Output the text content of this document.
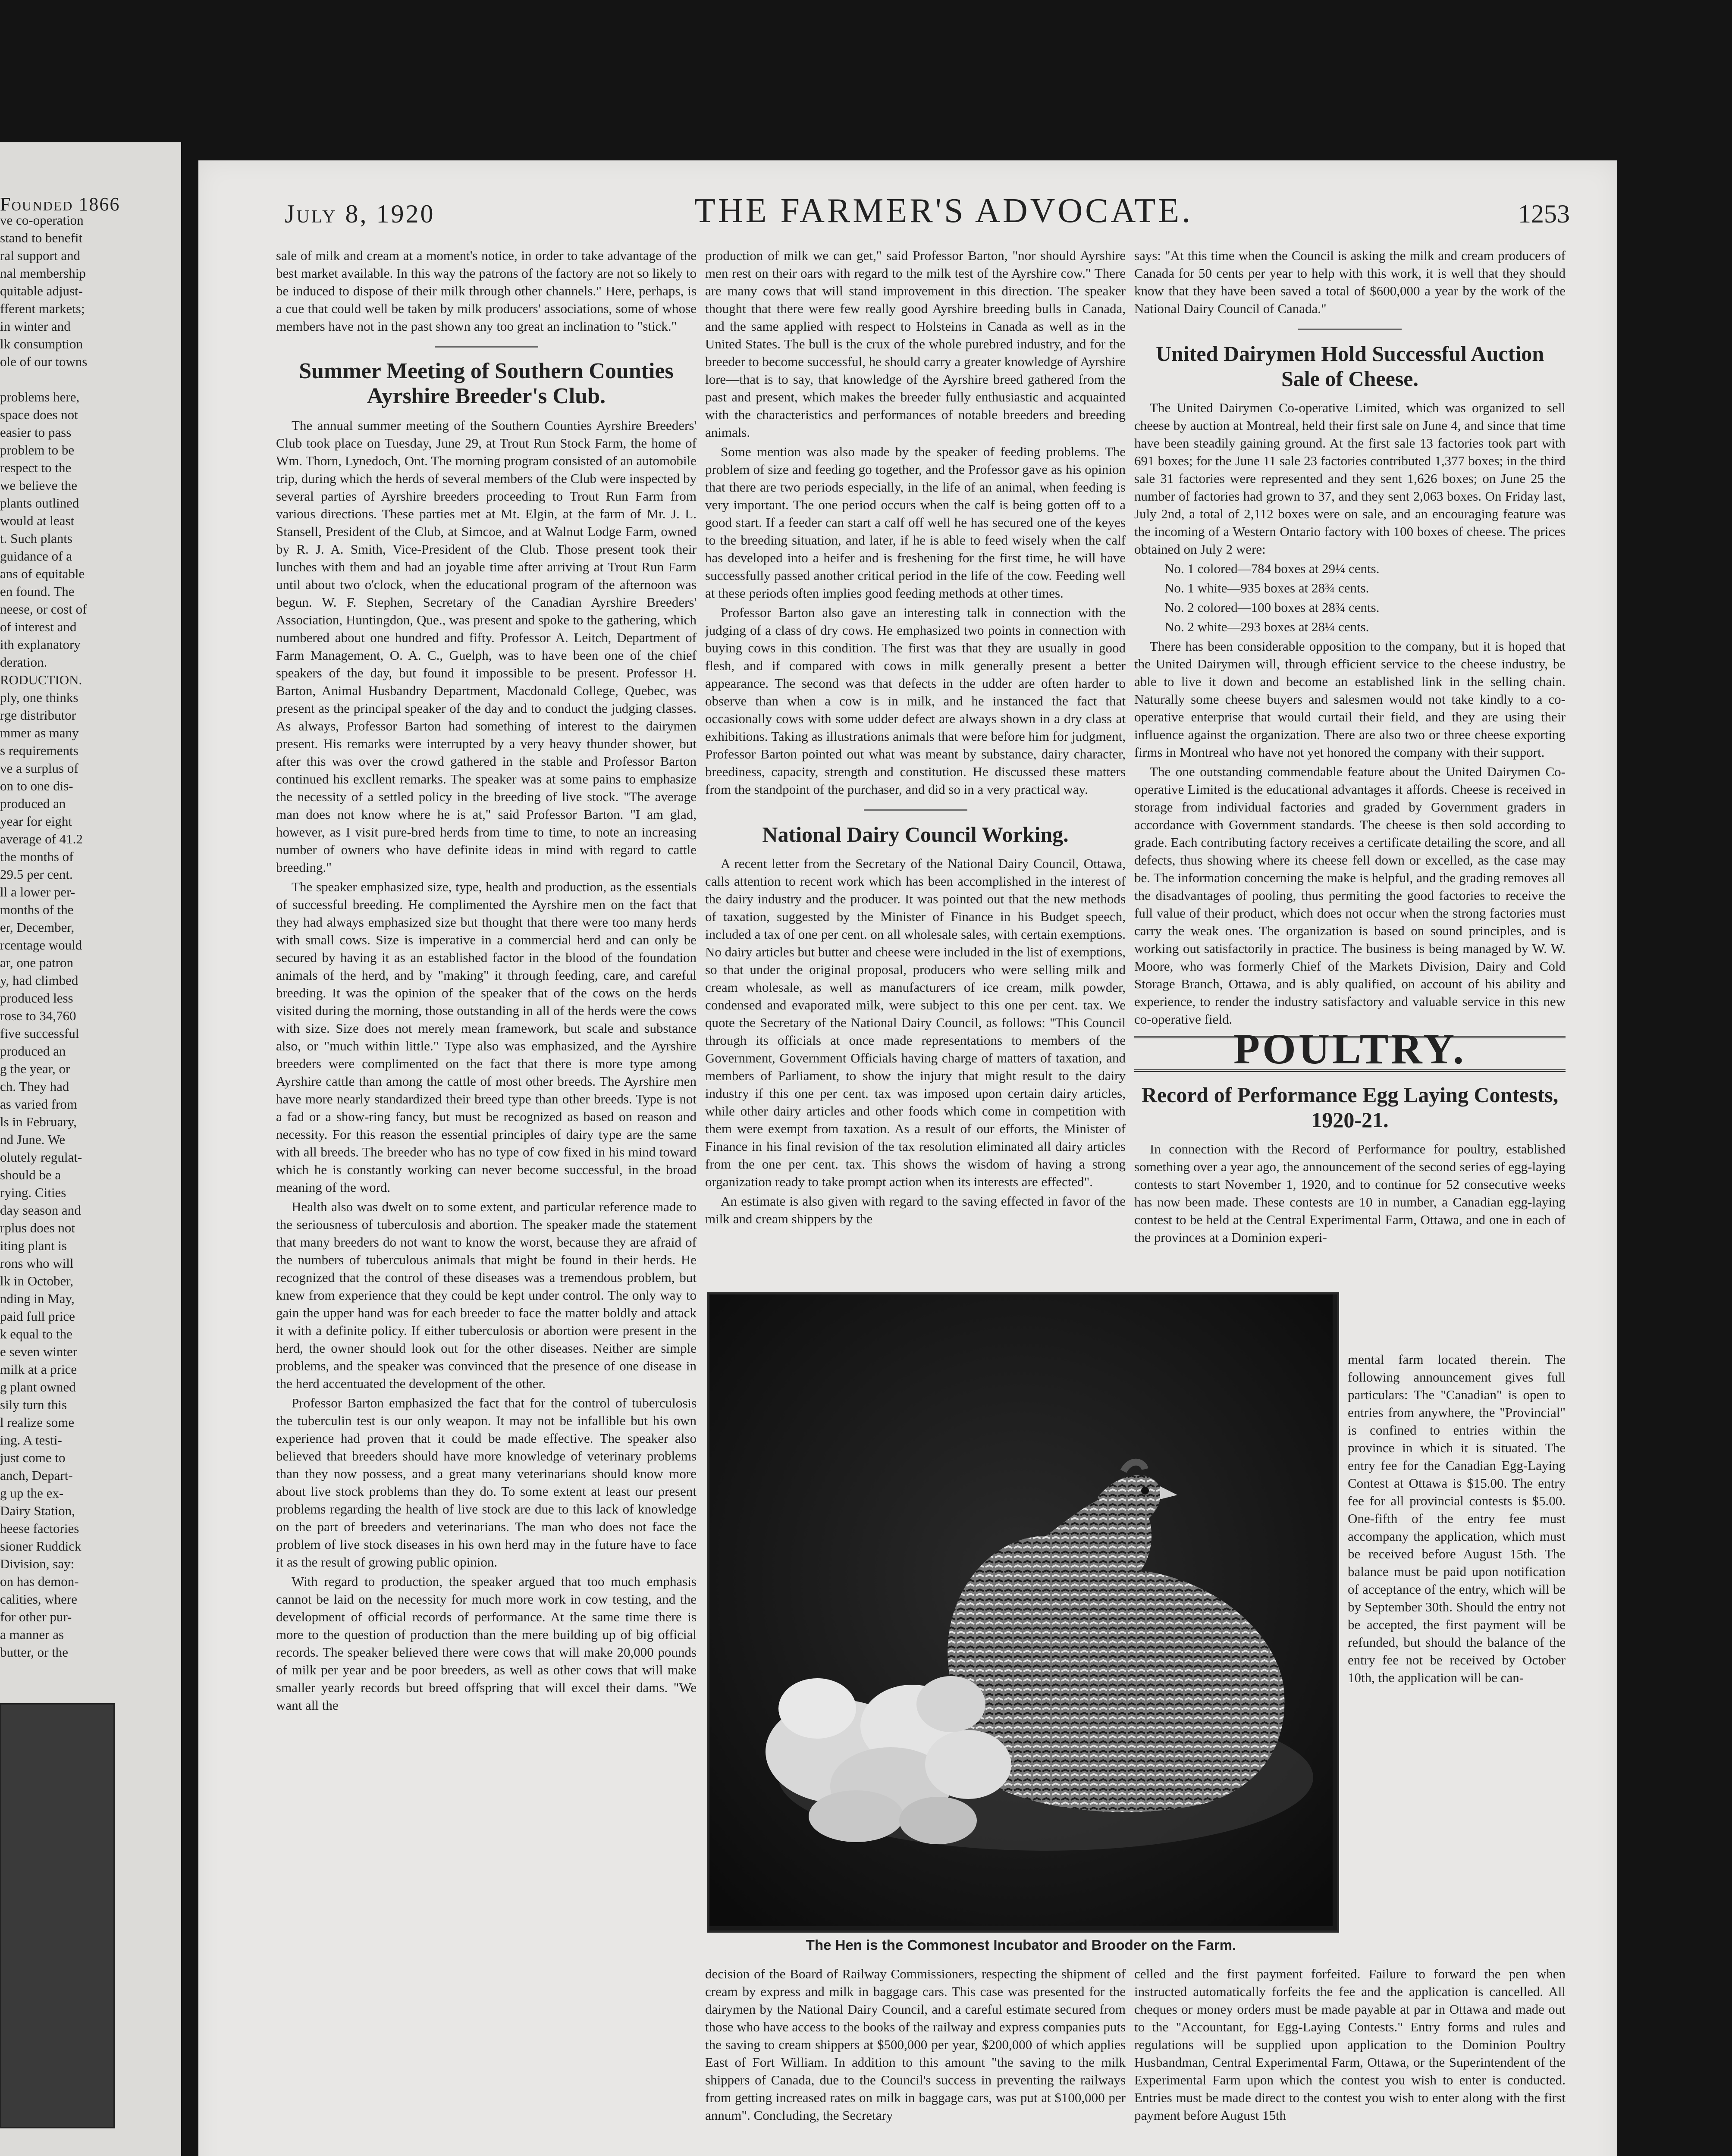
Founded 1866
ve co-operation
stand to benefit
ral support and
nal membership
quitable adjust-
fferent markets;
in winter and
lk consumption
ole of our towns

problems here,
space does not
easier to pass
problem to be
respect to the
we believe the
plants outlined
would at least
t. Such plants
guidance of a
ans of equitable
en found. The
neese, or cost of
of interest and
ith explanatory
deration.
RODUCTION.
ply, one thinks
rge distributor
mmer as many
s requirements
ve a surplus of
on to one dis-
produced an
year for eight
average of 41.2
the months of
29.5 per cent.
ll a lower per-
months of the
er, December,
rcentage would
ar, one patron
y, had climbed
produced less
rose to 34,760
five successful
produced an
g the year, or
ch. They had
as varied from
ls in February,
nd June. We
olutely regulat-
should be a
rying. Cities
day season and
rplus does not
iting plant is
rons who will
lk in October,
nding in May,
paid full price
k equal to the
e seven winter
milk at a price
g plant owned
sily turn this
l realize some
ing. A testi-
just come to
anch, Depart-
g up the ex-
Dairy Station,
heese factories
sioner Ruddick
Division, say:
on has demon-
calities, where
for other pur-
a manner as
butter, or the
July 8, 1920	THE FARMER'S ADVOCATE.	1253

sale of milk and cream at a moment's notice, in order to take advantage of the best market available. In this way the patrons of the factory are not so likely to be induced to dispose of their milk through other channels." Here, perhaps, is a cue that could well be taken by milk producers' associations, some of whose members have not in the past shown any too great an inclination to "stick."

Summer Meeting of Southern Counties Ayrshire Breeder's Club.

The annual summer meeting of the Southern Counties Ayrshire Breeders' Club took place on Tuesday, June 29, at Trout Run Stock Farm, the home of Wm. Thorn, Lynedoch, Ont. The morning program consisted of an automobile trip, during which the herds of several members of the Club were inspected by several parties of Ayrshire breeders proceeding to Trout Run Farm from various directions. These parties met at Mt. Elgin, at the farm of Mr. J. L. Stansell, President of the Club, at Simcoe, and at Walnut Lodge Farm, owned by R. J. A. Smith, Vice-President of the Club. Those present took their lunches with them and had an joyable time after arriving at Trout Run Farm until about two o'clock, when the educational program of the afternoon was begun. W. F. Stephen, Secretary of the Canadian Ayrshire Breeders' Association, Huntingdon, Que., was present and spoke to the gathering, which numbered about one hundred and fifty. Professor A. Leitch, Department of Farm Management, O. A. C., Guelph, was to have been one of the chief speakers of the day, but found it impossible to be present. Professor H. Barton, Animal Husbandry Department, Macdonald College, Quebec, was present as the principal speaker of the day and to conduct the judging classes. As always, Professor Barton had something of interest to the dairymen present. His remarks were interrupted by a very heavy thunder shower, but after this was over the crowd gathered in the stable and Professor Barton continued his excllent remarks. The speaker was at some pains to emphasize the necessity of a settled policy in the breeding of live stock. "The average man does not know where he is at," said Professor Barton. "I am glad, however, as I visit pure-bred herds from time to time, to note an increasing number of owners who have definite ideas in mind with regard to cattle breeding."

The speaker emphasized size, type, health and production, as the essentials of successful breeding. He complimented the Ayrshire men on the fact that they had always emphasized size but thought that there were too many herds with small cows. Size is imperative in a commercial herd and can only be secured by having it as an established factor in the blood of the foundation animals of the herd, and by "making" it through feeding, care, and careful breeding. It was the opinion of the speaker that of the cows on the herds visited during the morning, those outstanding in all of the herds were the cows with size. Size does not merely mean framework, but scale and substance also, or "much within little." Type also was emphasized, and the Ayrshire breeders were complimented on the fact that there is more type among Ayrshire cattle than among the cattle of most other breeds. The Ayrshire men have more nearly standardized their breed type than other breeds. Type is not a fad or a show-ring fancy, but must be recognized as based on reason and necessity. For this reason the essential principles of dairy type are the same with all breeds. The breeder who has no type of cow fixed in his mind toward which he is constantly working can never become successful, in the broad meaning of the word.

Health also was dwelt on to some extent, and particular reference made to the seriousness of tuberculosis and abortion. The speaker made the statement that many breeders do not want to know the worst, because they are afraid of the numbers of tuberculous animals that might be found in their herds. He recognized that the control of these diseases was a tremendous problem, but knew from experience that they could be kept under control. The only way to gain the upper hand was for each breeder to face the matter boldly and attack it with a definite policy. If either tuberculosis or abortion were present in the herd, the owner should look out for the other diseases. Neither are simple problems, and the speaker was convinced that the presence of one disease in the herd accentuated the development of the other.

Professor Barton emphasized the fact that for the control of tuberculosis the tuberculin test is our only weapon. It may not be infallible but his own experience had proven that it could be made effective. The speaker also believed that breeders should have more knowledge of veterinary problems than they now possess, and a great many veterinarians should know more about live stock problems than they do. To some extent at least our present problems regarding the health of live stock are due to this lack of knowledge on the part of breeders and veterinarians. The man who does not face the problem of live stock diseases in his own herd may in the future have to face it as the result of growing public opinion.

With regard to production, the speaker argued that too much emphasis cannot be laid on the necessity for much more work in cow testing, and the development of official records of performance. At the same time there is more to the question of production than the mere building up of big official records. The speaker believed there were cows that will make 20,000 pounds of milk per year and be poor breeders, as well as other cows that will make smaller yearly records but breed offspring that will excel their dams. "We want all the

production of milk we can get," said Professor Barton, "nor should Ayrshire men rest on their oars with regard to the milk test of the Ayrshire cow." There are many cows that will stand improvement in this direction. The speaker thought that there were few really good Ayrshire breeding bulls in Canada, and the same applied with respect to Holsteins in Canada as well as in the United States. The bull is the crux of the whole purebred industry, and for the breeder to become successful, he should carry a greater knowledge of Ayrshire lore—that is to say, that knowledge of the Ayrshire breed gathered from the past and present, which makes the breeder fully enthusiastic and acquainted with the characteristics and performances of notable breeders and breeding animals.

Some mention was also made by the speaker of feeding problems. The problem of size and feeding go together, and the Professor gave as his opinion that there are two periods especially, in the life of an animal, when feeding is very important. The one period occurs when the calf is being gotten off to a good start. If a feeder can start a calf off well he has secured one of the keyes to the breeding situation, and later, if he is able to feed wisely when the calf has developed into a heifer and is freshening for the first time, he will have successfully passed another critical period in the life of the cow. Feeding well at these periods often implies good feeding methods at other times.

Professor Barton also gave an interesting talk in connection with the judging of a class of dry cows. He emphasized two points in connection with buying cows in this condition. The first was that they are usually in good flesh, and if compared with cows in milk generally present a better appearance. The second was that defects in the udder are often harder to observe than when a cow is in milk, and he instanced the fact that occasionally cows with some udder defect are always shown in a dry class at exhibitions. Taking as illustrations animals that were before him for judgment, Professor Barton pointed out what was meant by substance, dairy character, breediness, capacity, strength and constitution. He discussed these matters from the standpoint of the purchaser, and did so in a very practical way.

National Dairy Council Working.

A recent letter from the Secretary of the National Dairy Council, Ottawa, calls attention to recent work which has been accomplished in the interest of the dairy industry and the producer. It was pointed out that the new methods of taxation, suggested by the Minister of Finance in his Budget speech, included a tax of one per cent. on all wholesale sales, with certain exemptions. No dairy articles but butter and cheese were included in the list of exemptions, so that under the original proposal, producers who were selling milk and cream wholesale, as well as manufacturers of ice cream, milk powder, condensed and evaporated milk, were subject to this one per cent. tax. We quote the Secretary of the National Dairy Council, as follows: "This Council through its officials at once made representations to members of the Government, Government Officials having charge of matters of taxation, and members of Parliament, to show the injury that might result to the dairy industry if this one per cent. tax was imposed upon certain dairy articles, while other dairy articles and other foods which come in competition with them were exempt from taxation. As a result of our efforts, the Minister of Finance in his final revision of the tax resolution eliminated all dairy articles from the one per cent. tax. This shows the wisdom of having a strong organization ready to take prompt action when its interests are effected".

An estimate is also given with regard to the saving effected in favor of the milk and cream shippers by the

says: "At this time when the Council is asking the milk and cream producers of Canada for 50 cents per year to help with this work, it is well that they should know that they have been saved a total of $600,000 a year by the work of the National Dairy Council of Canada."

United Dairymen Hold Successful Auction Sale of Cheese.

The United Dairymen Co-operative Limited, which was organized to sell cheese by auction at Montreal, held their first sale on June 4, and since that time have been steadily gaining ground. At the first sale 13 factories took part with 691 boxes; for the June 11 sale 23 factories contributed 1,377 boxes; in the third sale 31 factories were represented and they sent 1,626 boxes; on June 25 the number of factories had grown to 37, and they sent 2,063 boxes. On Friday last, July 2nd, a total of 2,112 boxes were on sale, and an encouraging feature was the incoming of a Western Ontario factory with 100 boxes of cheese. The prices obtained on July 2 were:

No. 1 colored—784 boxes at 29¼ cents.
No. 1 white—935 boxes at 28¾ cents.
No. 2 colored—100 boxes at 28¾ cents.
No. 2 white—293 boxes at 28¼ cents.

There has been considerable opposition to the company, but it is hoped that the United Dairymen will, through efficient service to the cheese industry, be able to live it down and become an established link in the selling chain. Naturally some cheese buyers and salesmen would not take kindly to a co-operative enterprise that would curtail their field, and they are using their influence against the organization. There are also two or three cheese exporting firms in Montreal who have not yet honored the company with their support.

The one outstanding commendable feature about the United Dairymen Co-operative Limited is the educational advantages it affords. Cheese is received in storage from individual factories and graded by Government graders in accordance with Government standards. The cheese is then sold according to grade. Each contributing factory receives a certificate detailing the score, and all defects, thus showing where its cheese fell down or excelled, as the case may be. The information concerning the make is helpful, and the grading removes all the disadvantages of pooling, thus permiting the good factories to receive the full value of their product, which does not occur when the strong factories must carry the weak ones. The organization is based on sound principles, and is working out satisfactorily in practice. The business is being managed by W. W. Moore, who was formerly Chief of the Markets Division, Dairy and Cold Storage Branch, Ottawa, and is ably qualified, on account of his ability and experience, to render the industry satisfactory and valuable service in this new co-operative field.

POULTRY.
Record of Performance Egg Laying Contests, 1920-21.

In connection with the Record of Performance for poultry, established something over a year ago, the announcement of the second series of egg-laying contests to start November 1, 1920, and to continue for 52 consecutive weeks has now been made. These contests are 10 in number, a Canadian egg-laying contest to be held at the Central Experimental Farm, Ottawa, and one in each of the provinces at a Dominion experi-

mental farm located therein. The following announcement gives full particulars: The "Canadian" is open to entries from anywhere, the "Provincial" is confined to entries within the province in which it is situated. The entry fee for the Canadian Egg-Laying Contest at Ottawa is $15.00. The entry fee for all provincial contests is $5.00. One-fifth of the entry fee must accompany the application, which must be received before August 15th. The balance must be paid upon notification of acceptance of the entry, which will be by September 30th. Should the entry not be accepted, the first payment will be refunded, but should the balance of the entry fee not be received by October 10th, the application will be can-

The Hen is the Commonest Incubator and Brooder on the Farm.

decision of the Board of Railway Commissioners, respecting the shipment of cream by express and milk in baggage cars. This case was presented for the dairymen by the National Dairy Council, and a careful estimate secured from those who have access to the books of the railway and express companies puts the saving to cream shippers at $500,000 per year, $200,000 of which applies East of Fort William. In addition to this amount "the saving to the milk shippers of Canada, due to the Council's success in preventing the railways from getting increased rates on milk in baggage cars, was put at $100,000 per annum". Concluding, the Secretary

celled and the first payment forfeited. Failure to forward the pen when instructed automatically forfeits the fee and the application is cancelled. All cheques or money orders must be made payable at par in Ottawa and made out to the "Accountant, for Egg-Laying Contests." Entry forms and rules and regulations will be supplied upon application to the Dominion Poultry Husbandman, Central Experimental Farm, Ottawa, or the Superintendent of the Experimental Farm upon which the contest you wish to enter is conducted. Entries must be made direct to the contest you wish to enter along with the first payment before August 15th
